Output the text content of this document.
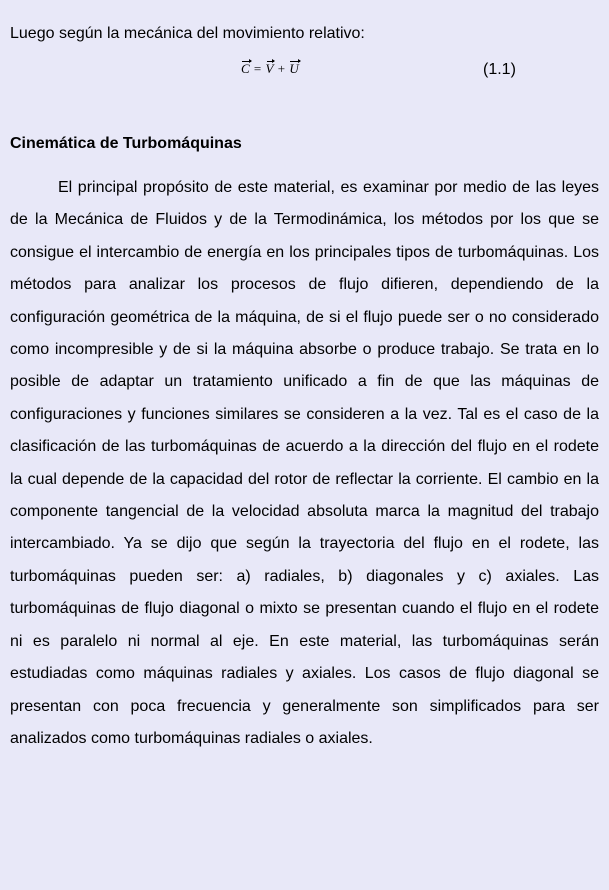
Luego según la mecánica del movimiento relativo:
C = V + U	(1.1)
Cinemática de Turbomáquinas

El principal propósito de este material, es examinar por medio de las leyes de la Mecánica de Fluidos y de la Termodinámica, los métodos por los que se consigue el intercambio de energía en los principales tipos de turbomáquinas. Los métodos para analizar los procesos de flujo difieren, dependiendo de la configuración geométrica de la máquina, de si el flujo puede ser o no considerado como incompresible y de si la máquina absorbe o produce trabajo. Se trata en lo posible de adaptar un tratamiento unificado a fin de que las máquinas de configuraciones y funciones similares se consideren a la vez. Tal es el caso de la clasificación de las turbomáquinas de acuerdo a la dirección del flujo en el rodete la cual depende de la capacidad del rotor de reflectar la corriente. El cambio en la componente tangencial de la velocidad absoluta marca la magnitud del trabajo intercambiado. Ya se dijo que según la trayectoria del flujo en el rodete, las turbomáquinas pueden ser: a) radiales, b) diagonales y c) axiales. Las turbomáquinas de flujo diagonal o mixto se presentan cuando el flujo en el rodete ni es paralelo ni normal al eje. En este material, las turbomáquinas serán estudiadas como máquinas radiales y axiales. Los casos de flujo diagonal se presentan con poca frecuencia y generalmente son simplificados para ser analizados como turbomáquinas radiales o axiales.
